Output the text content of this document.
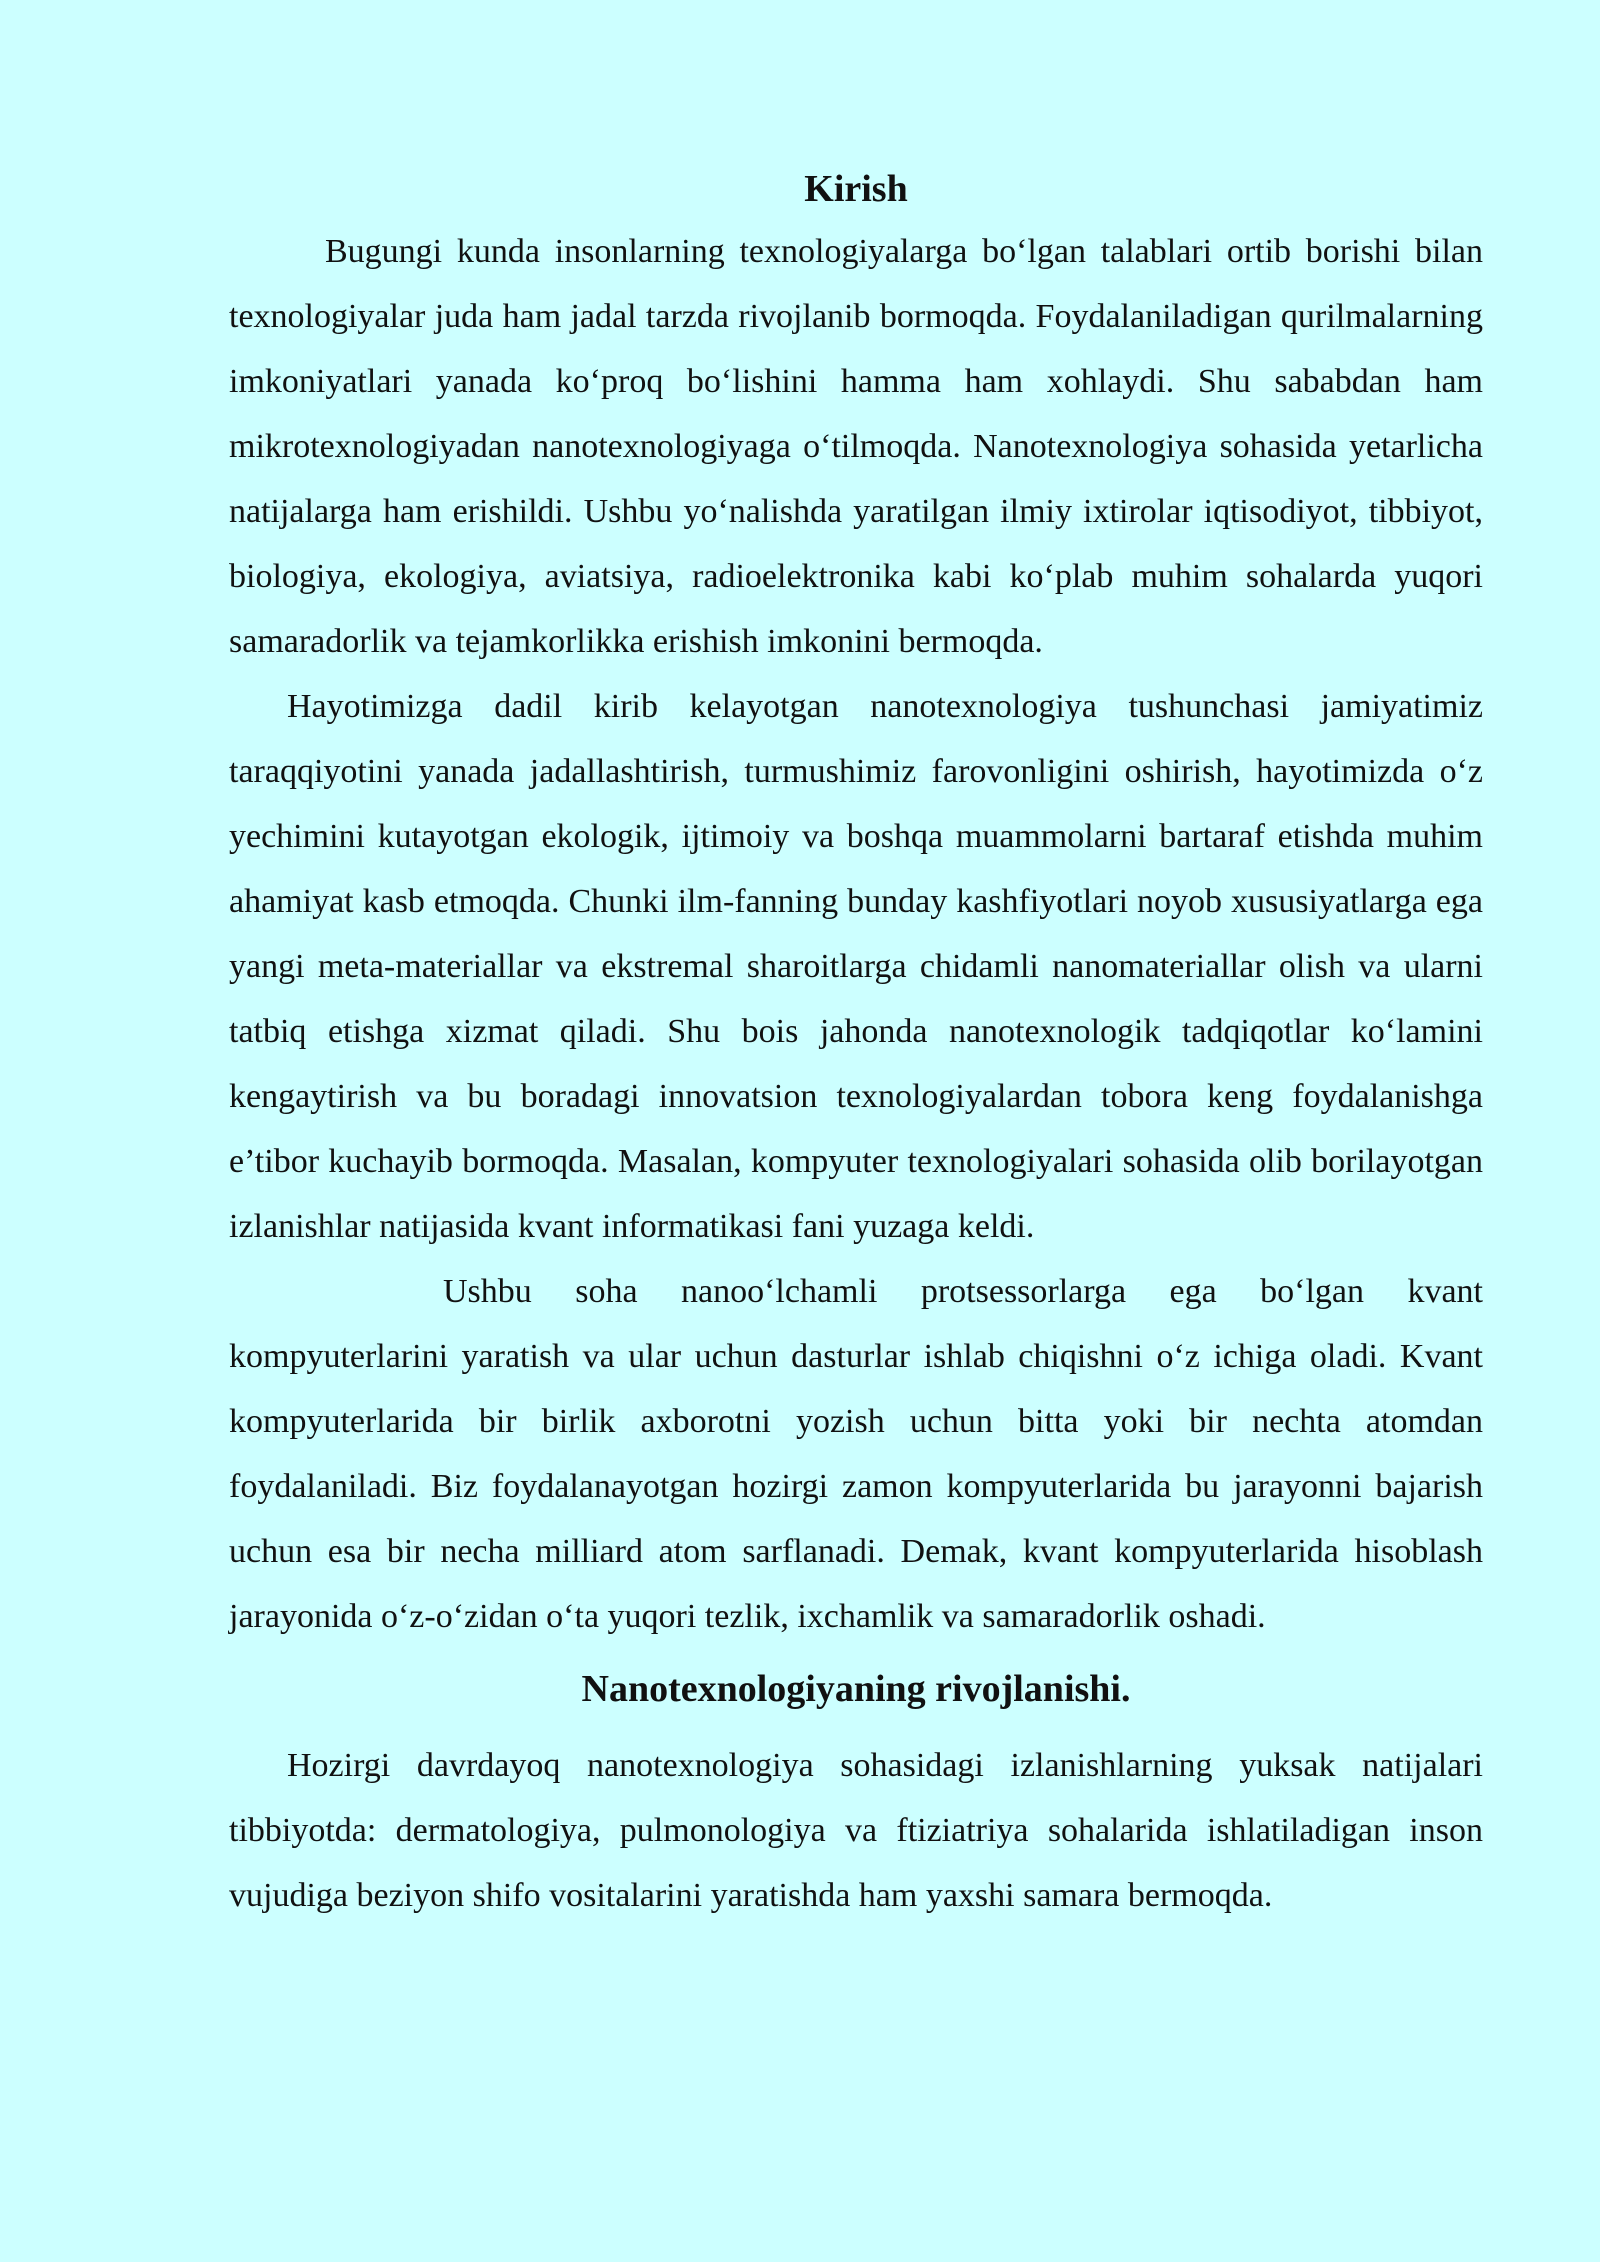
Kirish

Bugungi kunda insonlarning texnologiyalarga bo‘lgan talablari ortib borishi bilan texnologiyalar juda ham jadal tarzda rivojlanib bormoqda. Foydalaniladigan qurilmalarning imkoniyatlari yanada ko‘proq bo‘lishini hamma ham xohlaydi. Shu sababdan ham mikrotexnologiyadan nanotexnologiyaga o‘tilmoqda. Nanotexnologiya sohasida yetarlicha natijalarga ham erishildi. Ushbu yo‘nalishda yaratilgan ilmiy ixtirolar iqtisodiyot, tibbiyot, biologiya, ekologiya, aviatsiya, radioelektronika kabi ko‘plab muhim sohalarda yuqori samaradorlik va tejamkorlikka erishish imkonini bermoqda.

Hayotimizga dadil kirib kelayotgan nanotexnologiya tushunchasi jamiyatimiz taraqqiyotini yanada jadallashtirish, turmushimiz farovonligini oshirish, hayotimizda o‘z yechimini kutayotgan ekologik, ijtimoiy va boshqa muammolarni bartaraf etishda muhim ahamiyat kasb etmoqda. Chunki ilm-fanning bunday kashfiyotlari noyob xususiyatlarga ega yangi meta-materiallar va ekstremal sharoitlarga chidamli nanomateriallar olish va ularni tatbiq etishga xizmat qiladi. Shu bois jahonda nanotexnologik tadqiqotlar ko‘lamini kengaytirish va bu boradagi innovatsion texnologiyalardan tobora keng foydalanishga e’tibor kuchayib bormoqda. Masalan, kompyuter texnologiyalari sohasida olib borilayotgan izlanishlar natijasida kvant informatikasi fani yuzaga keldi.

Ushbu soha nanoo‘lchamli protsessorlarga ega bo‘lgan kvant kompyuterlarini yaratish va ular uchun dasturlar ishlab chiqishni o‘z ichiga oladi. Kvant kompyuterlarida bir birlik axborotni yozish uchun bitta yoki bir nechta atomdan foydalaniladi. Biz foydalanayotgan hozirgi zamon kompyuterlarida bu jarayonni bajarish uchun esa bir necha milliard atom sarflanadi. Demak, kvant kompyuterlarida hisoblash jarayonida o‘z-o‘zidan o‘ta yuqori tezlik, ixchamlik va samaradorlik oshadi.

Nanotexnologiyaning rivojlanishi.

Hozirgi davrdayoq nanotexnologiya sohasidagi izlanishlarning yuksak natijalari tibbiyotda: dermatologiya, pulmonologiya va ftiziatriya sohalarida ishlatiladigan inson vujudiga beziyon shifo vositalarini yaratishda ham yaxshi samara bermoqda.
